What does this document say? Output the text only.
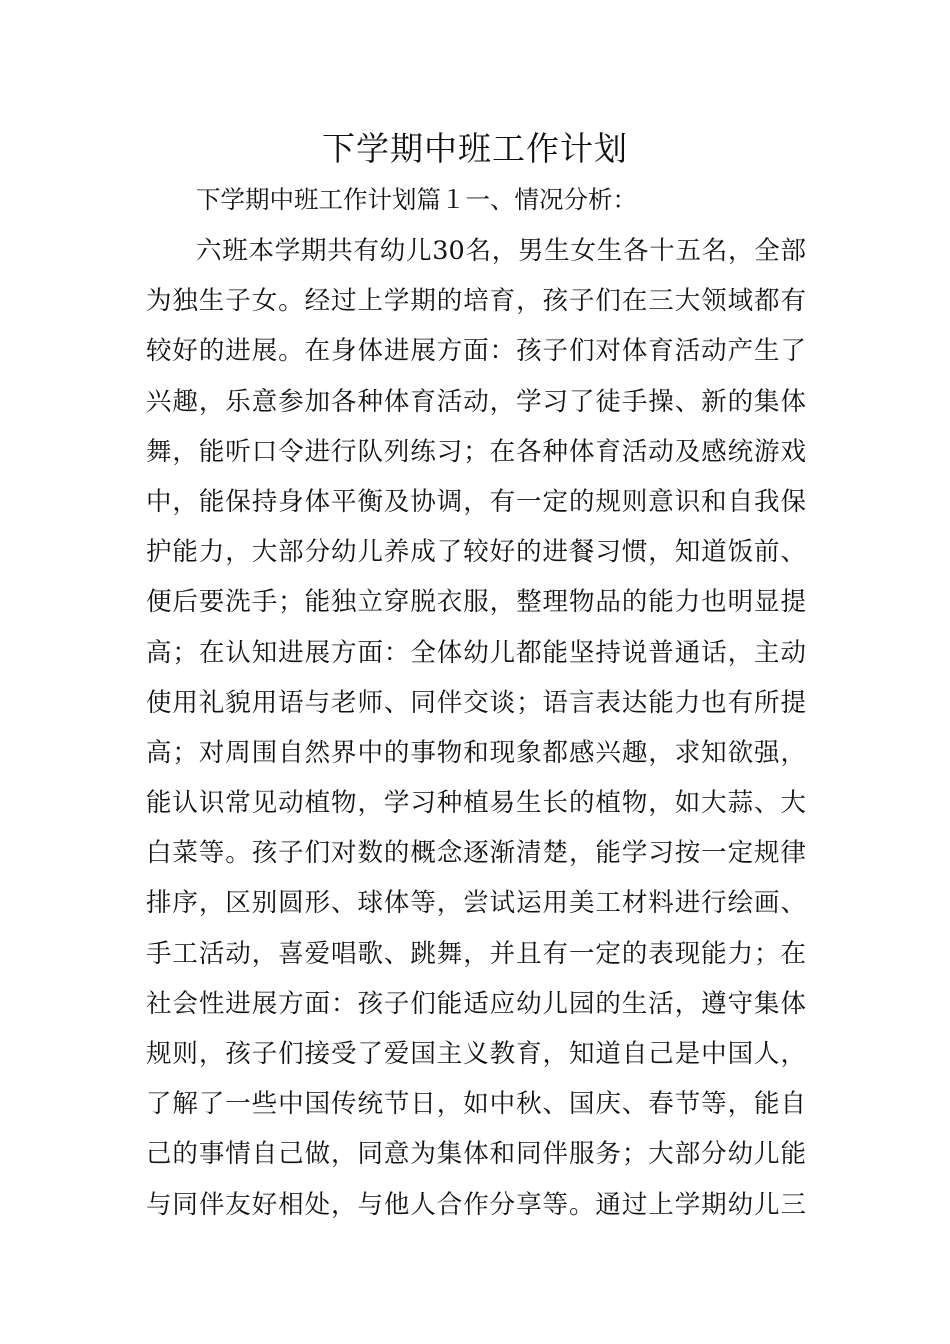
下学期中班工作计划

下学期中班工作计划篇１一、情况分析：

六班本学期共有幼儿30名，男生女生各十五名，全部
为独生子女。经过上学期的培育，孩子们在三大领域都有
较好的进展。在身体进展方面：孩子们对体育活动产生了
兴趣，乐意参加各种体育活动，学习了徒手操、新的集体
舞，能听口令进行队列练习；在各种体育活动及感统游戏
中，能保持身体平衡及协调，有一定的规则意识和自我保
护能力，大部分幼儿养成了较好的进餐习惯，知道饭前、
便后要洗手；能独立穿脱衣服，整理物品的能力也明显提
高；在认知进展方面：全体幼儿都能坚持说普通话，主动
使用礼貌用语与老师、同伴交谈；语言表达能力也有所提
高；对周围自然界中的事物和现象都感兴趣，求知欲强，
能认识常见动植物，学习种植易生长的植物，如大蒜、大
白菜等。孩子们对数的概念逐渐清楚，能学习按一定规律
排序，区别圆形、球体等，尝试运用美工材料进行绘画、
手工活动，喜爱唱歌、跳舞，并且有一定的表现能力；在
社会性进展方面：孩子们能适应幼儿园的生活，遵守集体
规则，孩子们接受了爱国主义教育，知道自己是中国人，
了解了一些中国传统节日，如中秋、国庆、春节等，能自
己的事情自己做，同意为集体和同伴服务；大部分幼儿能
与同伴友好相处，与他人合作分享等。通过上学期幼儿三
